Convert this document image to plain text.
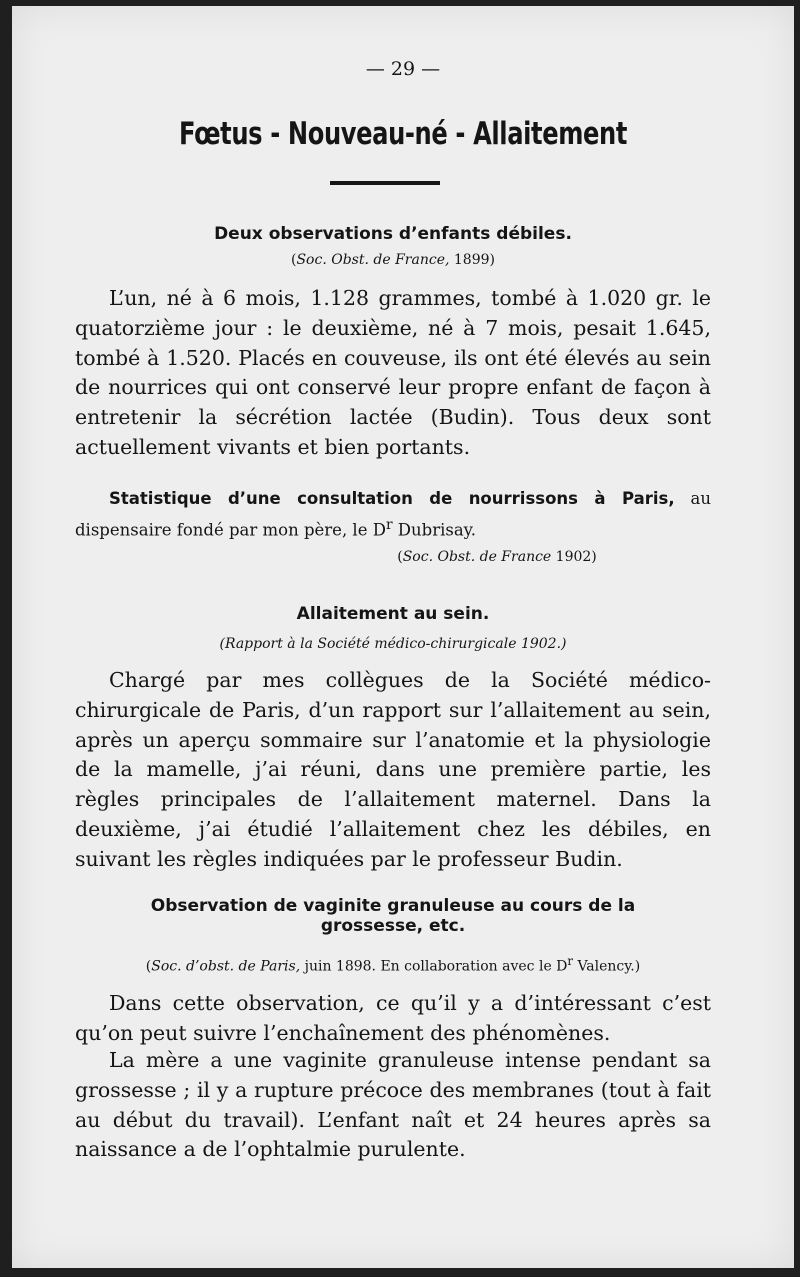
— 29 —
Fœtus - Nouveau-né - Allaitement
Deux observations d’enfants débiles.
(Soc. Obst. de France, 1899)
L’un, né à 6 mois, 1.128 grammes, tombé à 1.020 gr. le quatorzième jour : le deuxième, né à 7 mois, pesait 1.645, tombé à 1.520. Placés en couveuse, ils ont été élevés au sein de nourrices qui ont conservé leur propre enfant de façon à entretenir la sécrétion lactée (Budin). Tous deux sont actuellement vivants et bien portants.
Statistique d’une consultation de nourrissons à Paris, au dispensaire fondé par mon père, le $D^r$ Dubrisay.
(Soc. Obst. de France 1902)
Allaitement au sein.
(Rapport à la Société médico-chirurgicale 1902.)
Chargé par mes collègues de la Société médico-chirurgicale de Paris, d’un rapport sur l’allaitement au sein, après un aperçu sommaire sur l’anatomie et la physiologie de la mamelle, j’ai réuni, dans une première partie, les règles principales de l’allaitement maternel. Dans la deuxième, j’ai étudié l’allaitement chez les débiles, en suivant les règles indiquées par le professeur Budin.
Observation de vaginite granuleuse au cours de la
grossesse, etc.
(Soc. d’obst. de Paris, juin 1898. En collaboration avec le $D^r$ Valency.)
Dans cette observation, ce qu’il y a d’intéressant c’est qu’on peut suivre l’enchaînement des phénomènes.
La mère a une vaginite granuleuse intense pendant sa grossesse ; il y a rupture précoce des membranes (tout à fait au début du travail). L’enfant naît et 24 heures après sa naissance a de l’ophtalmie purulente.
